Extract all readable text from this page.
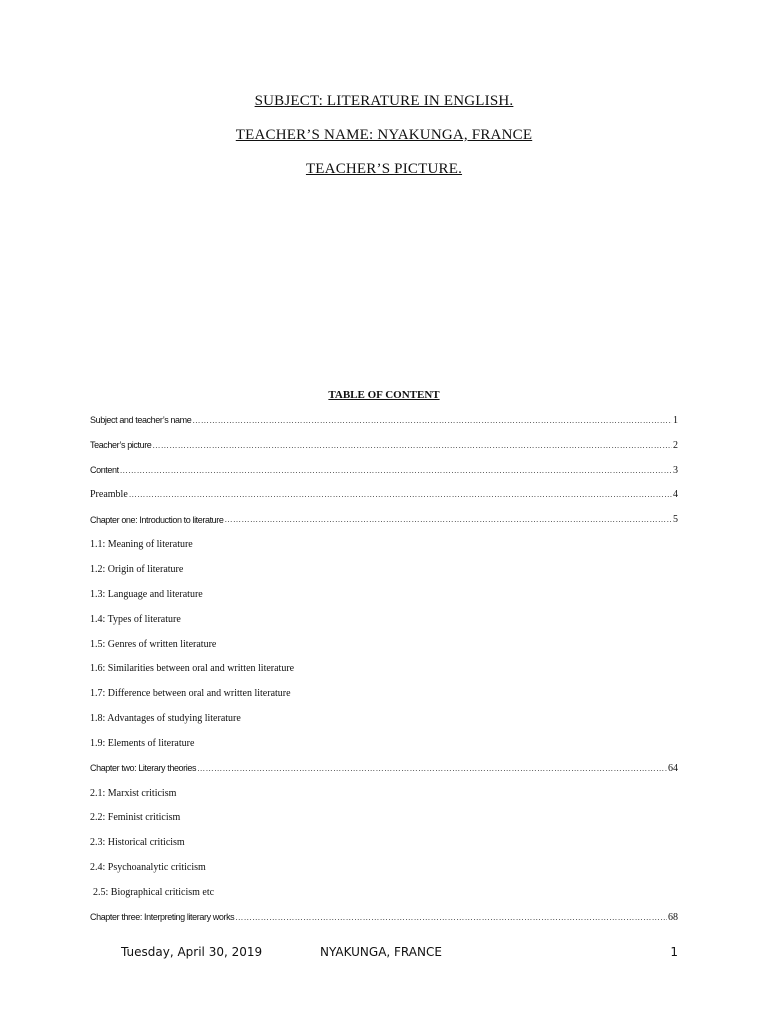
SUBJECT: LITERATURE IN ENGLISH.
TEACHER’S NAME: NYAKUNGA, FRANCE
TEACHER’S PICTURE.
TABLE OF CONTENT
Subject and teacher’s name ………………………………………………………………………………………………………………………………………………………………………………………………………………………………	1
Teacher’s picture ………………………………………………………………………………………………………………………………………………………………………………………………………………………………	2
Content ………………………………………………………………………………………………………………………………………………………………………………………………………………………………	3
Preamble ………………………………………………………………………………………………………………………………………………………………………………………………………………………………	4
Chapter one: Introduction to literature ………………………………………………………………………………………………………………………………………………………………………………………………………………………………	5
1.1: Meaning of literature
1.2: Origin of literature
1.3: Language and literature
1.4: Types of literature
1.5: Genres of written literature
1.6: Similarities between oral and written literature
1.7: Difference between oral and written literature
1.8: Advantages of studying literature
1.9: Elements of literature
Chapter two: Literary theories ………………………………………………………………………………………………………………………………………………………………………………………………………………………………	64
2.1: Marxist criticism
2.2: Feminist criticism
2.3: Historical criticism
2.4: Psychoanalytic criticism
2.5: Biographical criticism etc
Chapter three: Interpreting literary works ………………………………………………………………………………………………………………………………………………………………………………………………………………………………	68
Tuesday, April 30, 2019	NYAKUNGA, FRANCE	1
